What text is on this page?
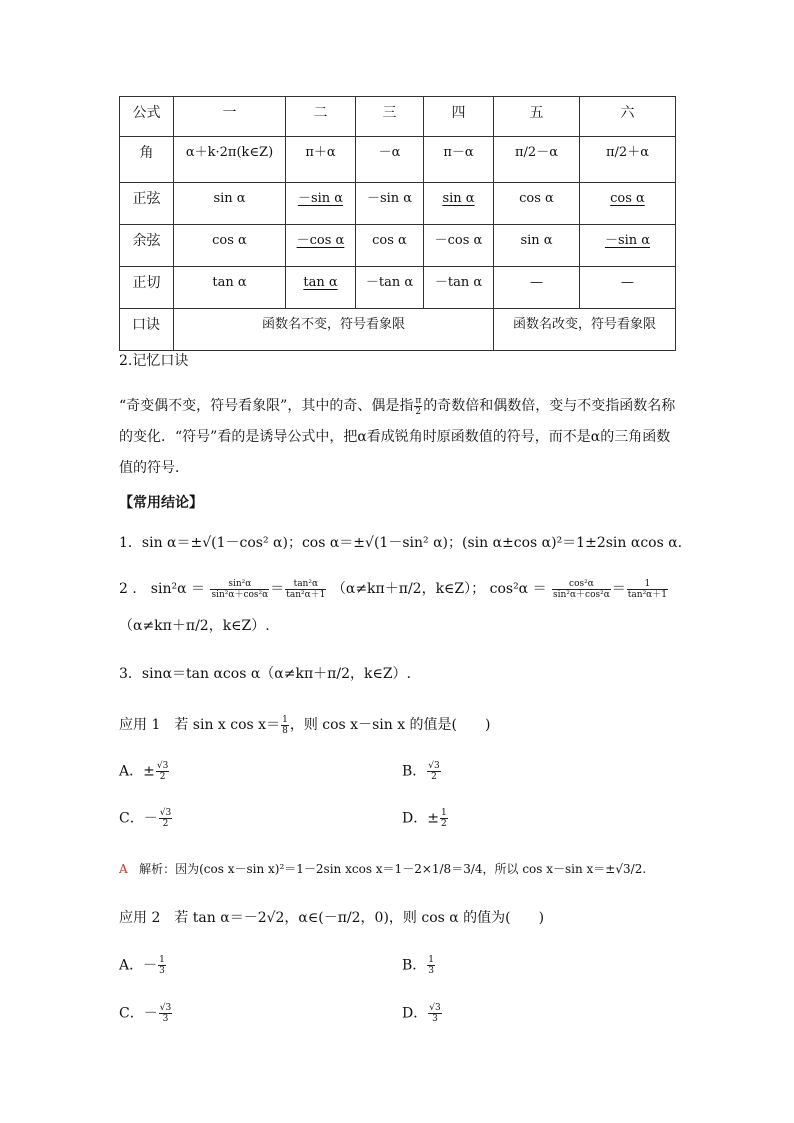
公式	一	二	三	四	五	六
角	α＋k·2π(k∈Z)	π＋α	－α	π－α	π/2－α	π/2＋α
正弦	sin α	－sin α	－sin α	sin α	cos α	cos α
余弦	cos α	－cos α	cos α	－cos α	sin α	－sin α
正切	tan α	tan α	－tan α	－tan α	—	—
口诀	函数名不变，符号看象限				函数名改变，符号看象限	
2.记忆口诀
“奇变偶不变，符号看象限”，其中的奇、偶是指 $\frac{\pi}{2}$ 的奇数倍和偶数倍，变与不变指函数名称的变化．“符号”看的是诱导公式中，把α看成锐角时原函数值的符号，而不是α的三角函数值的符号．
【常用结论】
1．sin α＝±√(1－cos² α)；cos α＝±√(1－sin² α)；(sin α±cos α)²＝1±2sin αcos α.
2 ． $\sin^2\alpha = \frac{\text{sin²α}}{\text{sin²α＋cos²α}} = \frac{\text{tan²α}}{\text{tan²α＋1}} (\alpha\ne k\pi+\pi/2$，k∈Z）； $\cos^2\alpha = \frac{\text{cos²α}}{\text{sin²α＋cos²α}} = \frac{1}{\text{tan²α＋1}}$
（α≠kπ＋π/2，k∈Z）.
3．sinα＝tan αcos α（α≠kπ＋π/2，k∈Z）.
应用 1　若 sin x $\cos x= \frac{1}{8}$ ，则 cos x－sin x 的值是(　　)
A．± $\frac{√3}{2}$	B． $\frac{√3}{2}$
C．－ $\frac{√3}{2}$	D．± $\frac{1}{2}$
A 解析：因为(cos x－sin x)²＝1－2sin xcos x＝1－2×1/8＝3/4，所以 cos x－sin x＝±√3/2.
应用 2　若 tan α＝－2√2，α∈(－π/2，0)，则 cos α 的值为(　　)
A．－ $\frac{1}{3}$	B． $\frac{1}{3}$
C．－ $\frac{√3}{3}$	D． $\frac{√3}{3}$
